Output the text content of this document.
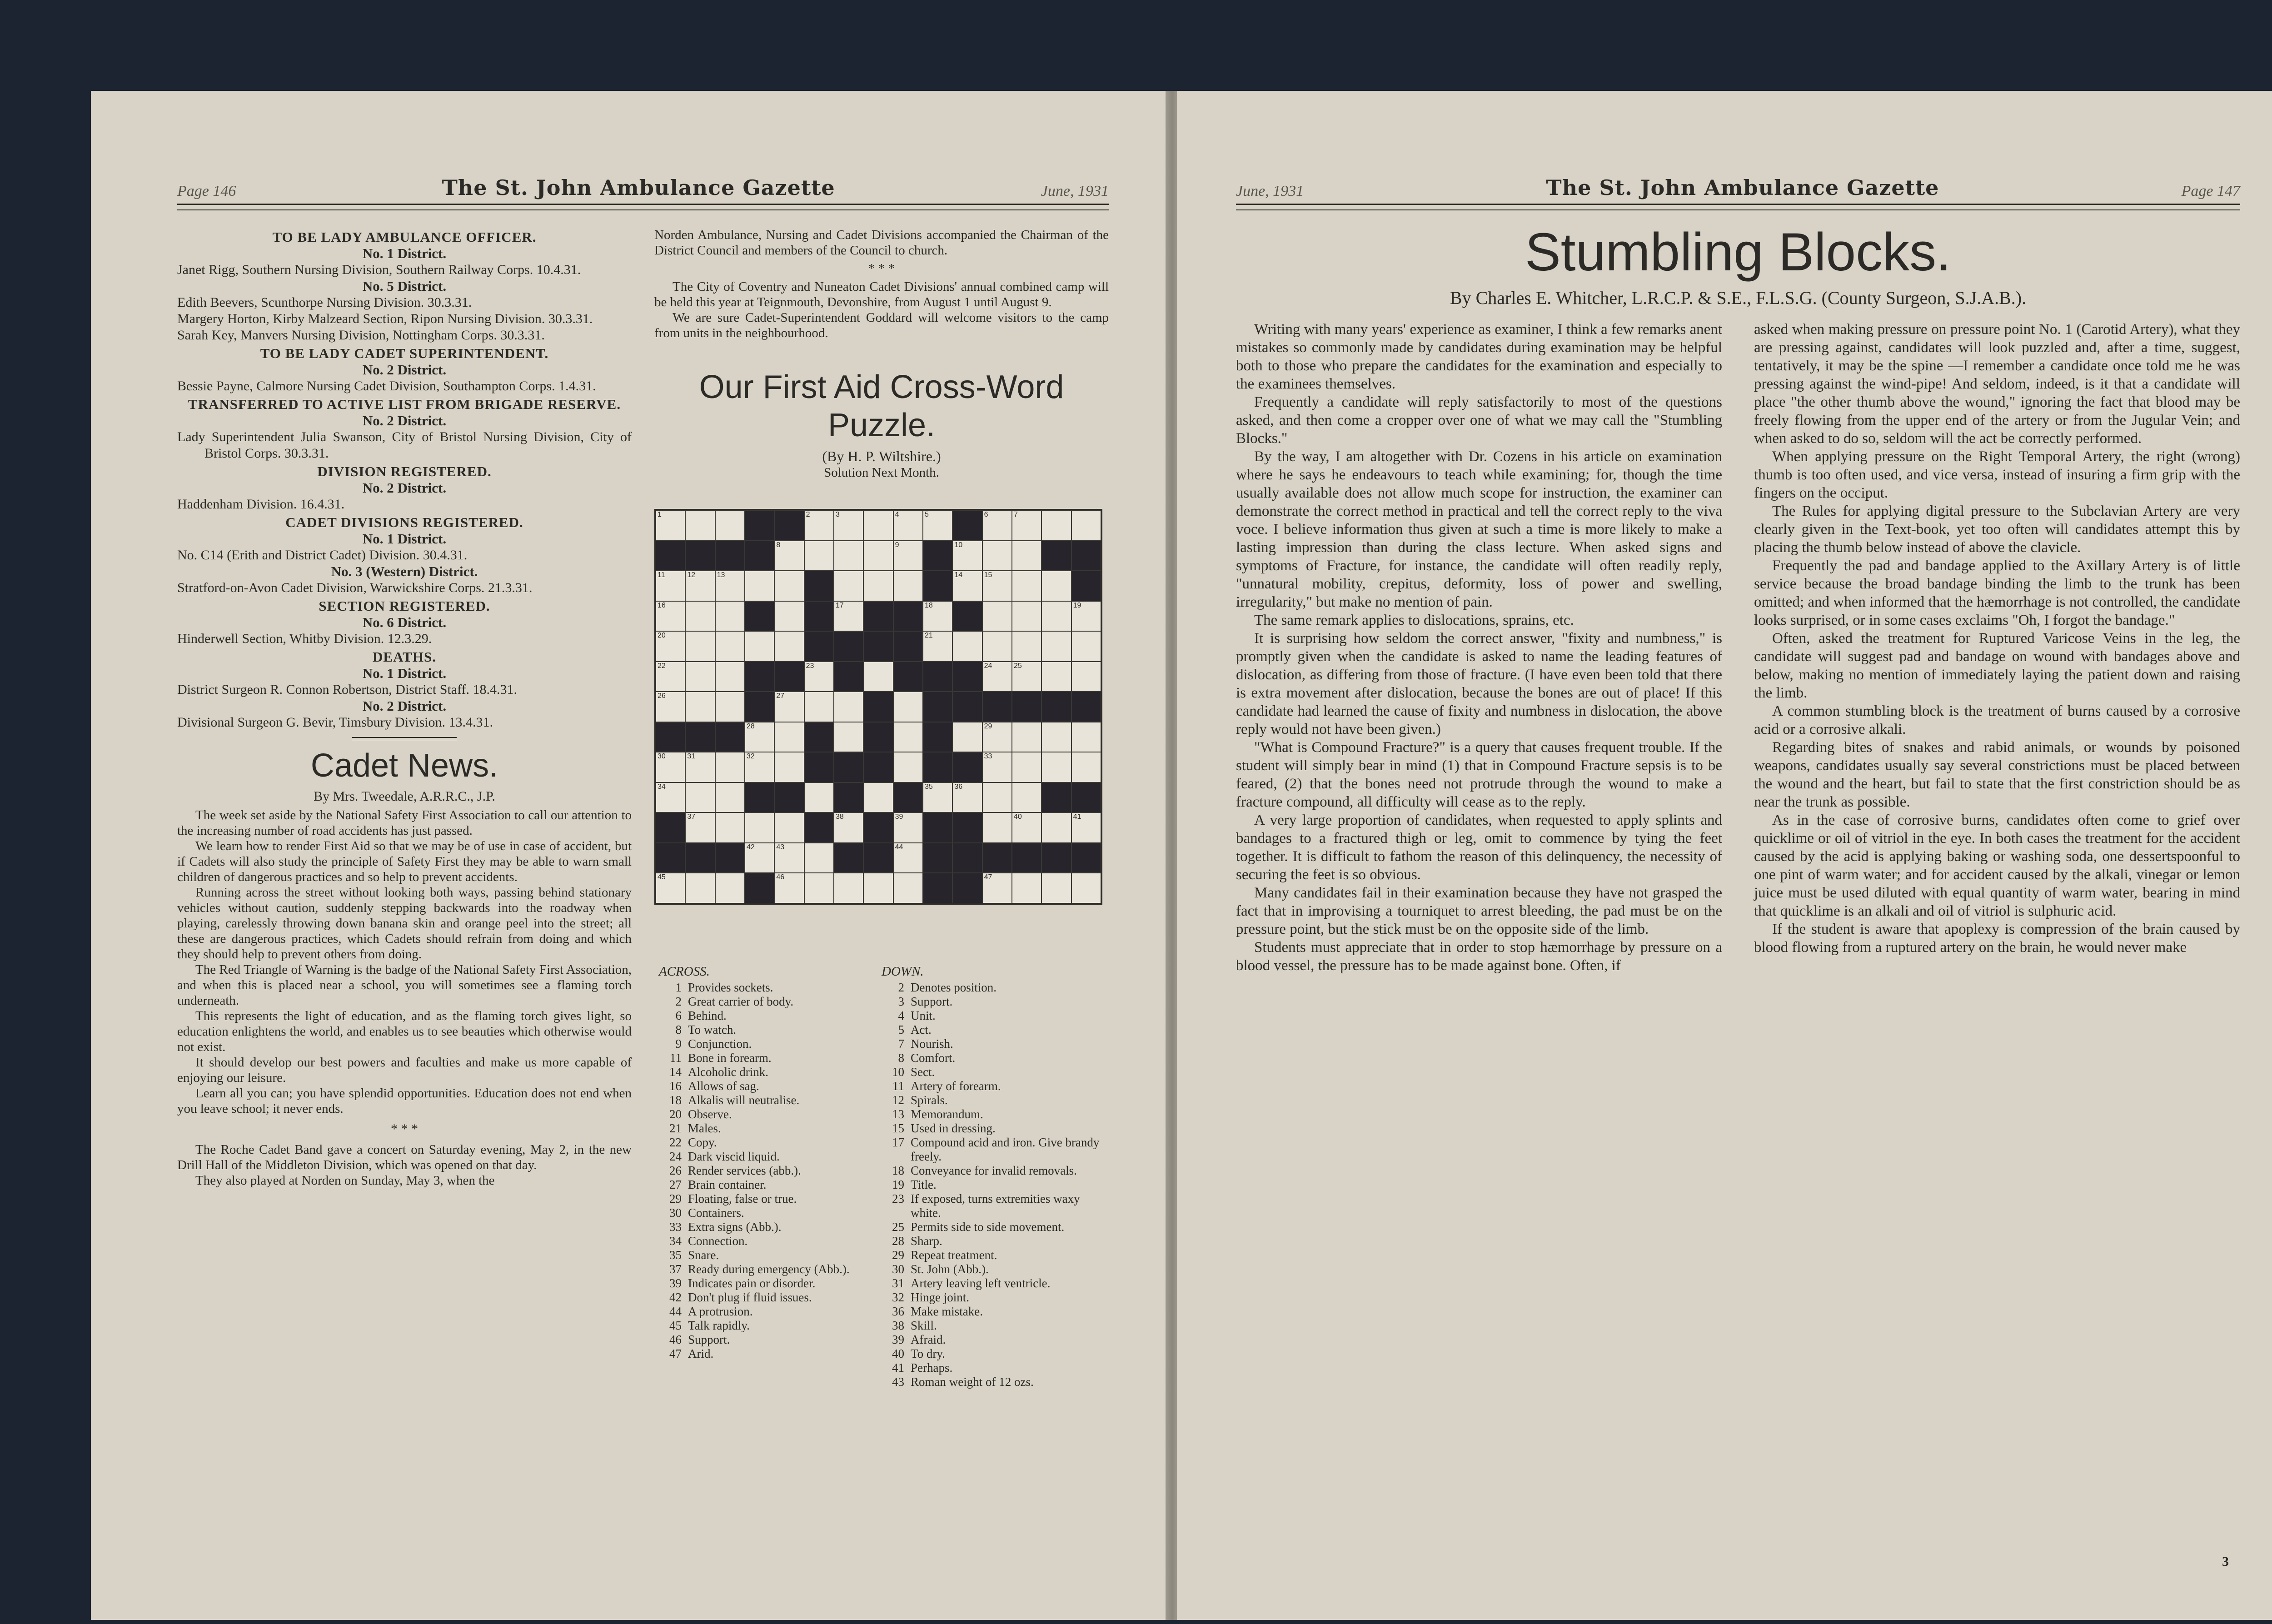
Page 146	The St. John Ambulance Gazette	June, 1931
TO BE LADY AMBULANCE OFFICER.
No. 1 District.

Janet Rigg, Southern Nursing Division, Southern Railway Corps. 10.4.31.

No. 5 District.

Edith Beevers, Scunthorpe Nursing Division. 30.3.31.

Margery Horton, Kirby Malzeard Section, Ripon Nursing Division. 30.3.31.

Sarah Key, Manvers Nursing Division, Nottingham Corps. 30.3.31.

TO BE LADY CADET SUPERINTENDENT.
No. 2 District.

Bessie Payne, Calmore Nursing Cadet Division, Southampton Corps. 1.4.31.

TRANSFERRED TO ACTIVE LIST FROM BRIGADE RESERVE.
No. 2 District.

Lady Superintendent Julia Swanson, City of Bristol Nursing Division, City of Bristol Corps. 30.3.31.

DIVISION REGISTERED.
No. 2 District.

Haddenham Division. 16.4.31.

CADET DIVISIONS REGISTERED.
No. 1 District.

No. C14 (Erith and District Cadet) Division. 30.4.31.

No. 3 (Western) District.

Stratford-on-Avon Cadet Division, Warwickshire Corps. 21.3.31.

SECTION REGISTERED.
No. 6 District.

Hinderwell Section, Whitby Division. 12.3.29.

DEATHS.
No. 1 District.

District Surgeon R. Connon Robertson, District Staff. 18.4.31.

No. 2 District.

Divisional Surgeon G. Bevir, Timsbury Division. 13.4.31.

Cadet News.
By Mrs. Tweedale, A.R.R.C., J.P.

The week set aside by the National Safety First Association to call our attention to the increasing number of road accidents has just passed.

We learn how to render First Aid so that we may be of use in case of accident, but if Cadets will also study the principle of Safety First they may be able to warn small children of dangerous practices and so help to prevent accidents.

Running across the street without looking both ways, passing behind stationary vehicles without caution, suddenly stepping backwards into the roadway when playing, carelessly throwing down banana skin and orange peel into the street; all these are dangerous practices, which Cadets should refrain from doing and which they should help to prevent others from doing.

The Red Triangle of Warning is the badge of the National Safety First Association, and when this is placed near a school, you will sometimes see a flaming torch underneath.

This represents the light of education, and as the flaming torch gives light, so education enlightens the world, and enables us to see beauties which otherwise would not exist.

It should develop our best powers and faculties and make us more capable of enjoying our leisure.

Learn all you can; you have splendid opportunities. Education does not end when you leave school; it never ends.

* * *

The Roche Cadet Band gave a concert on Saturday evening, May 2, in the new Drill Hall of the Middleton Division, which was opened on that day.

They also played at Norden on Sunday, May 3, when the

Norden Ambulance, Nursing and Cadet Divisions accompanied the Chairman of the District Council and members of the Council to church.

* * *

The City of Coventry and Nuneaton Cadet Divisions' annual combined camp will be held this year at Teignmouth, Devonshire, from August 1 until August 9.

We are sure Cadet-Superintendent Goddard will welcome visitors to the camp from units in the neighbourhood.

Our First Aid Cross-Word Puzzle.
(By H. P. Wiltshire.)
Solution Next Month.
1	2	3	4	5	6	7
8	9	10
11	12	13	14	15
16	17	18	19
20	21
22	23	24	25
26	27
28	29
30	31	32	33
34	35	36
37	38	39	40	41
42	43	44
45	46	47
ACROSS.
1 Provides sockets.
2 Great carrier of body.
6 Behind.
8 To watch.
9 Conjunction.
11 Bone in forearm.
14 Alcoholic drink.
16 Allows of sag.
18 Alkalis will neutralise.
20 Observe.
21 Males.
22 Copy.
24 Dark viscid liquid.
26 Render services (abb.).
27 Brain container.
29 Floating, false or true.
30 Containers.
33 Extra signs (Abb.).
34 Connection.
35 Snare.
37 Ready during emergency (Abb.).
39 Indicates pain or disorder.
42 Don't plug if fluid issues.
44 A protrusion.
45 Talk rapidly.
46 Support.
47 Arid.
DOWN.
2 Denotes position.
3 Support.
4 Unit.
5 Act.
7 Nourish.
8 Comfort.
10 Sect.
11 Artery of forearm.
12 Spirals.
13 Memorandum.
15 Used in dressing.
17 Compound acid and iron. Give brandy freely.
18 Conveyance for invalid removals.
19 Title.
23 If exposed, turns extremities waxy white.
25 Permits side to side movement.
28 Sharp.
29 Repeat treatment.
30 St. John (Abb.).
31 Artery leaving left ventricle.
32 Hinge joint.
36 Make mistake.
38 Skill.
39 Afraid.
40 To dry.
41 Perhaps.
43 Roman weight of 12 ozs.
June, 1931	The St. John Ambulance Gazette	Page 147
Stumbling Blocks.
By Charles E. Whitcher, L.R.C.P. & S.E., F.L.S.G. (County Surgeon, S.J.A.B.).

Writing with many years' experience as examiner, I think a few remarks anent mistakes so commonly made by candidates during examination may be helpful both to those who prepare the candidates for the examination and especially to the examinees themselves.

Frequently a candidate will reply satisfactorily to most of the questions asked, and then come a cropper over one of what we may call the "Stumbling Blocks."

By the way, I am altogether with Dr. Cozens in his article on examination where he says he endeavours to teach while examining; for, though the time usually available does not allow much scope for instruction, the examiner can demonstrate the correct method in practical and tell the correct reply to the viva voce. I believe information thus given at such a time is more likely to make a lasting impression than during the class lecture. When asked signs and symptoms of Fracture, for instance, the candidate will often readily reply, "unnatural mobility, crepitus, deformity, loss of power and swelling, irregularity," but make no mention of pain.

The same remark applies to dislocations, sprains, etc.

It is surprising how seldom the correct answer, "fixity and numbness," is promptly given when the candidate is asked to name the leading features of dislocation, as differing from those of fracture. (I have even been told that there is extra movement after dislocation, because the bones are out of place! If this candidate had learned the cause of fixity and numbness in dislocation, the above reply would not have been given.)

"What is Compound Fracture?" is a query that causes frequent trouble. If the student will simply bear in mind (1) that in Compound Fracture sepsis is to be feared, (2) that the bones need not protrude through the wound to make a fracture compound, all difficulty will cease as to the reply.

A very large proportion of candidates, when requested to apply splints and bandages to a fractured thigh or leg, omit to commence by tying the feet together. It is difficult to fathom the reason of this delinquency, the necessity of securing the feet is so obvious.

Many candidates fail in their examination because they have not grasped the fact that in improvising a tourniquet to arrest bleeding, the pad must be on the pressure point, but the stick must be on the opposite side of the limb.

Students must appreciate that in order to stop hæmorrhage by pressure on a blood vessel, the pressure has to be made against bone. Often, if

asked when making pressure on pressure point No. 1 (Carotid Artery), what they are pressing against, candidates will look puzzled and, after a time, suggest, tentatively, it may be the spine —I remember a candidate once told me he was pressing against the wind-pipe! And seldom, indeed, is it that a candidate will place "the other thumb above the wound," ignoring the fact that blood may be freely flowing from the upper end of the artery or from the Jugular Vein; and when asked to do so, seldom will the act be correctly performed.

When applying pressure on the Right Temporal Artery, the right (wrong) thumb is too often used, and vice versa, instead of insuring a firm grip with the fingers on the occiput.

The Rules for applying digital pressure to the Subclavian Artery are very clearly given in the Text-book, yet too often will candidates attempt this by placing the thumb below instead of above the clavicle.

Frequently the pad and bandage applied to the Axillary Artery is of little service because the broad bandage binding the limb to the trunk has been omitted; and when informed that the hæmorrhage is not controlled, the candidate looks surprised, or in some cases exclaims "Oh, I forgot the bandage."

Often, asked the treatment for Ruptured Varicose Veins in the leg, the candidate will suggest pad and bandage on wound with bandages above and below, making no mention of immediately laying the patient down and raising the limb.

A common stumbling block is the treatment of burns caused by a corrosive acid or a corrosive alkali.

Regarding bites of snakes and rabid animals, or wounds by poisoned weapons, candidates usually say several constrictions must be placed between the wound and the heart, but fail to state that the first constriction should be as near the trunk as possible.

As in the case of corrosive burns, candidates often come to grief over quicklime or oil of vitriol in the eye. In both cases the treatment for the accident caused by the acid is applying baking or washing soda, one dessertspoonful to one pint of warm water; and for accident caused by the alkali, vinegar or lemon juice must be used diluted with equal quantity of warm water, bearing in mind that quicklime is an alkali and oil of vitriol is sulphuric acid.

If the student is aware that apoplexy is compression of the brain caused by blood flowing from a ruptured artery on the brain, he would never make

3
